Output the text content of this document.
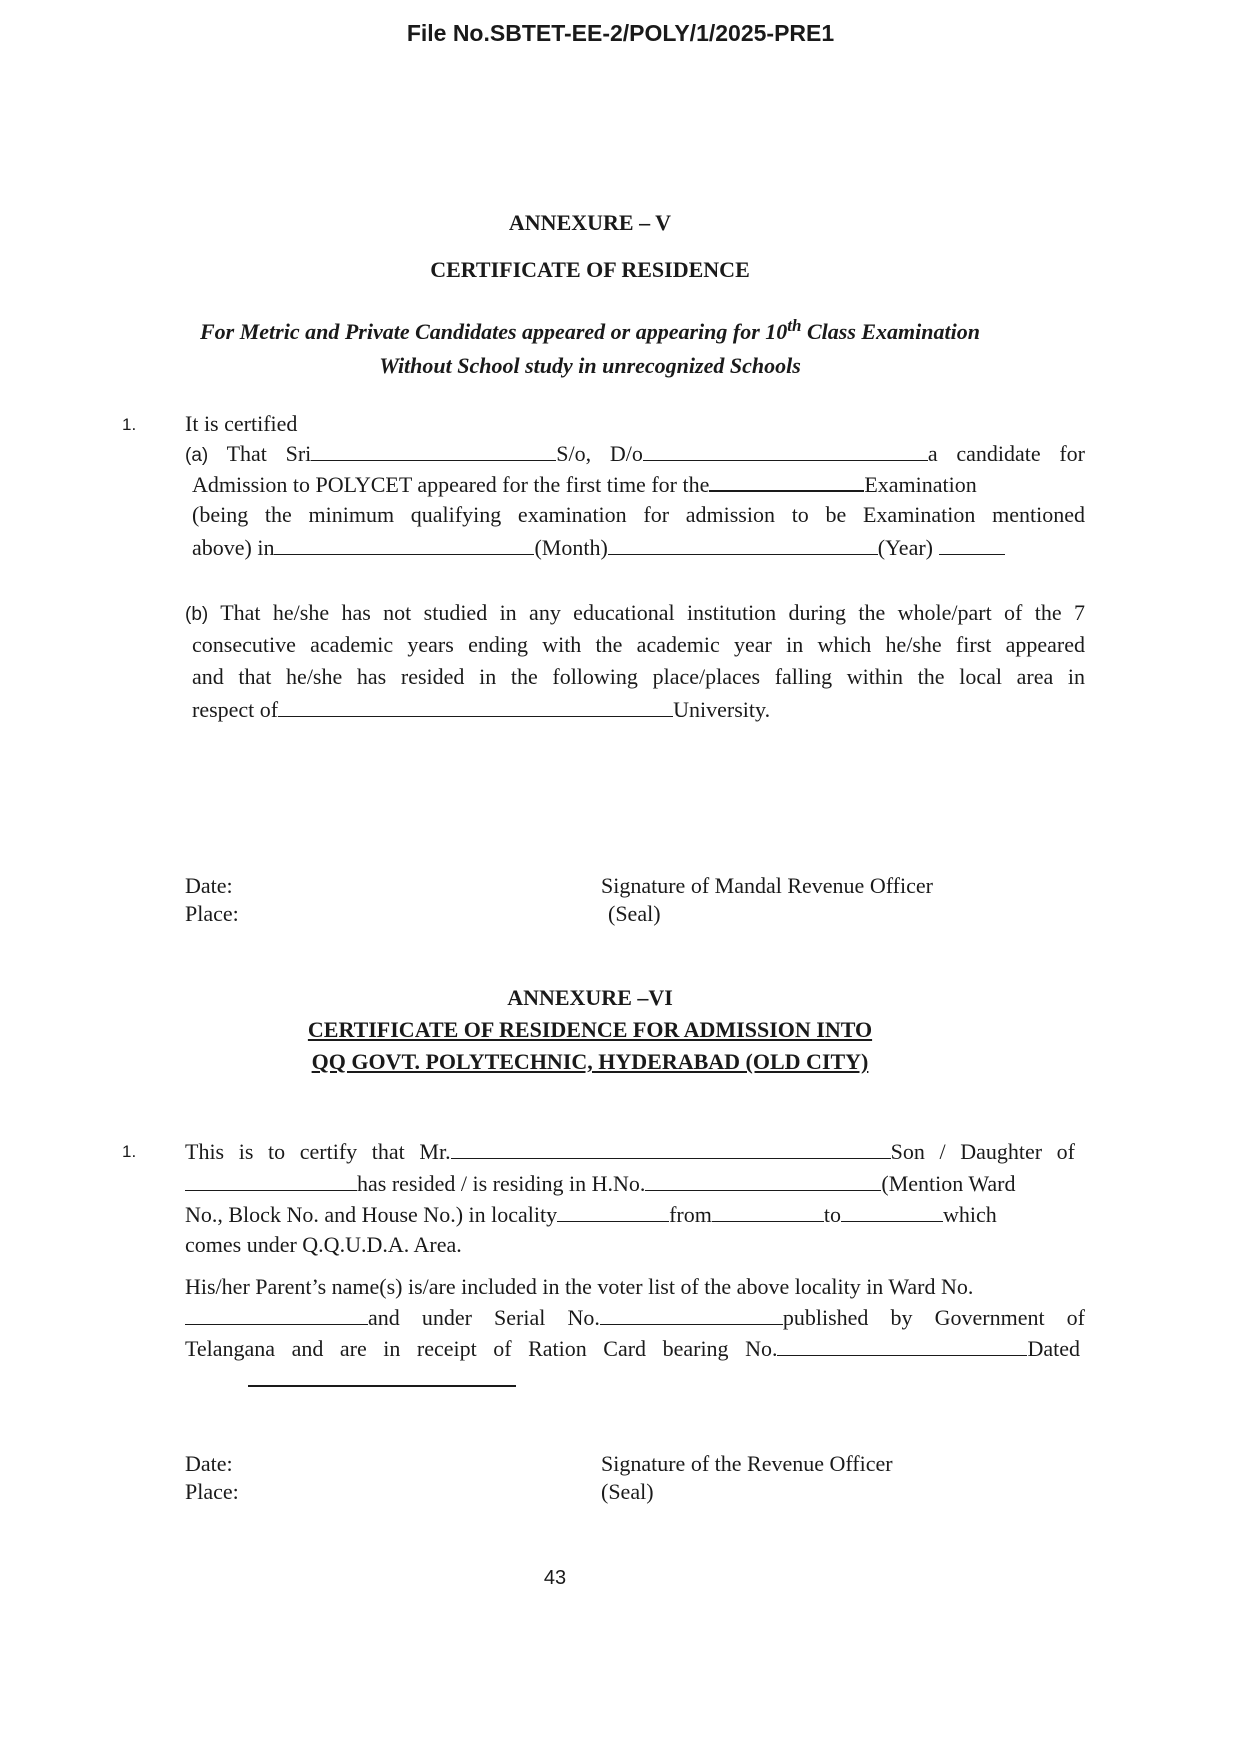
File No.SBTET-EE-2/POLY/1/2025-PRE1
ANNEXURE – V
CERTIFICATE OF RESIDENCE
For Metric and Private Candidates appeared or appearing for 10th Class Examination
Without School study in unrecognized Schools
1. It is certified
(a) That Sri	S/o, D/o	a candidate for
Admission to POLYCET appeared for the first time for the	Examination
(being the minimum qualifying examination for admission to be Examination mentioned
above) in	(Month)	(Year)
(b) That he/she has not studied in any educational institution during the whole/part of the 7
consecutive academic years ending with the academic year in which he/she first appeared
and that he/she has resided in the following place/places falling within the local area in
respect of	University.
Date:
Place:
Signature of Mandal Revenue Officer
(Seal)
ANNEXURE –VI
CERTIFICATE OF RESIDENCE FOR ADMISSION INTO
QQ GOVT. POLYTECHNIC, HYDERABAD (OLD CITY)
1. This is to certify that Mr.	Son / Daughter of
has resided / is residing in H.No.	(Mention Ward
No., Block No. and House No.) in locality	from	to	which
comes under Q.Q.U.D.A. Area.
His/her Parent’s name(s) is/are included in the voter list of the above locality in Ward No.
and under Serial No.	published by Government of
Telangana and are in receipt of Ration Card bearing No.	Dated
Date:
Place:
Signature of the Revenue Officer
(Seal)
43
